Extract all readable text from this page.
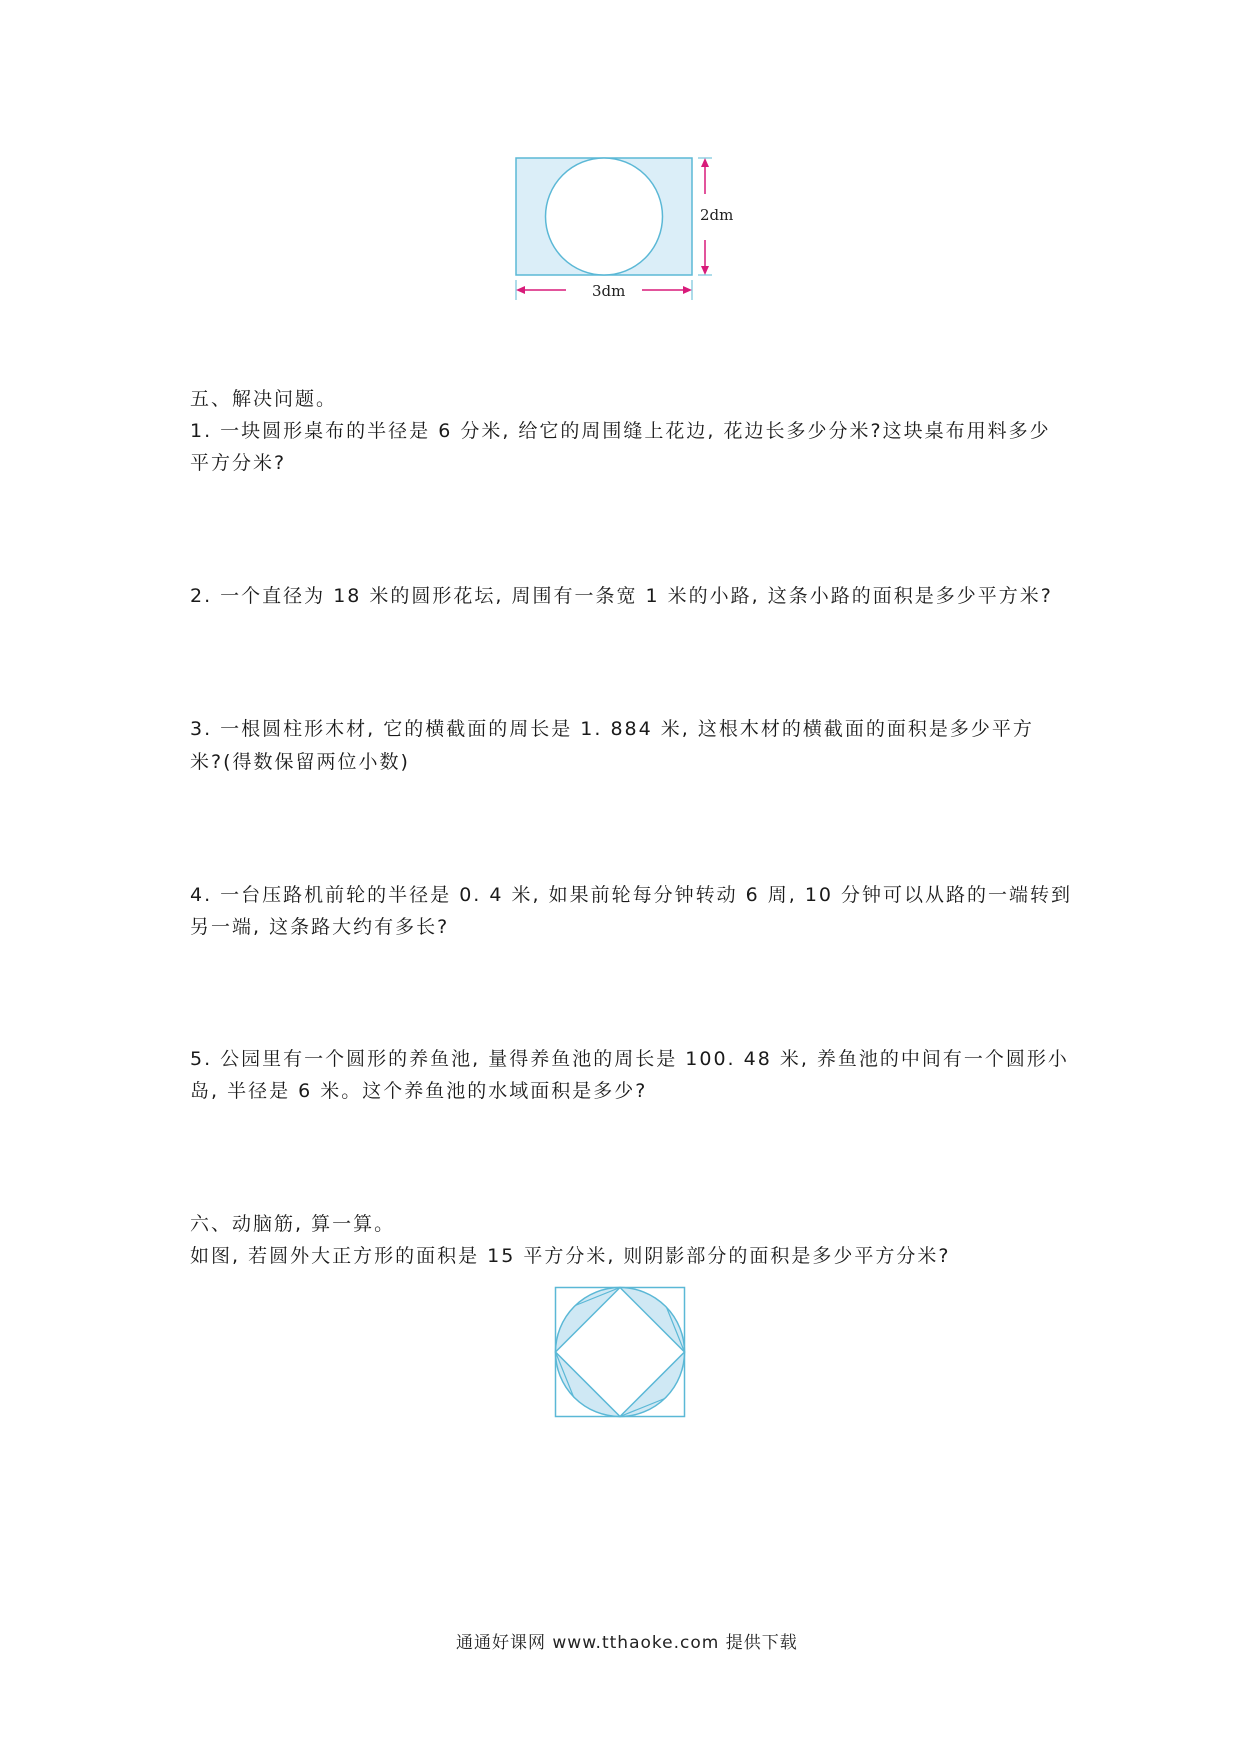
2dm
3dm
五、解决问题。
1. 一块圆形桌布的半径是 6 分米, 给它的周围缝上花边, 花边长多少分米?这块桌布用料多少
平方分米?
2. 一个直径为 18 米的圆形花坛, 周围有一条宽 1 米的小路, 这条小路的面积是多少平方米?
3. 一根圆柱形木材, 它的横截面的周长是 1. 884 米, 这根木材的横截面的面积是多少平方
米?(得数保留两位小数)
4. 一台压路机前轮的半径是 0. 4 米, 如果前轮每分钟转动 6 周, 10 分钟可以从路的一端转到
另一端, 这条路大约有多长?
5. 公园里有一个圆形的养鱼池, 量得养鱼池的周长是 100. 48 米, 养鱼池的中间有一个圆形小
岛, 半径是 6 米。这个养鱼池的水域面积是多少?
六、动脑筋, 算一算。
如图, 若圆外大正方形的面积是 15 平方分米, 则阴影部分的面积是多少平方分米?
通通好课网 www.tthaoke.com 提供下载
